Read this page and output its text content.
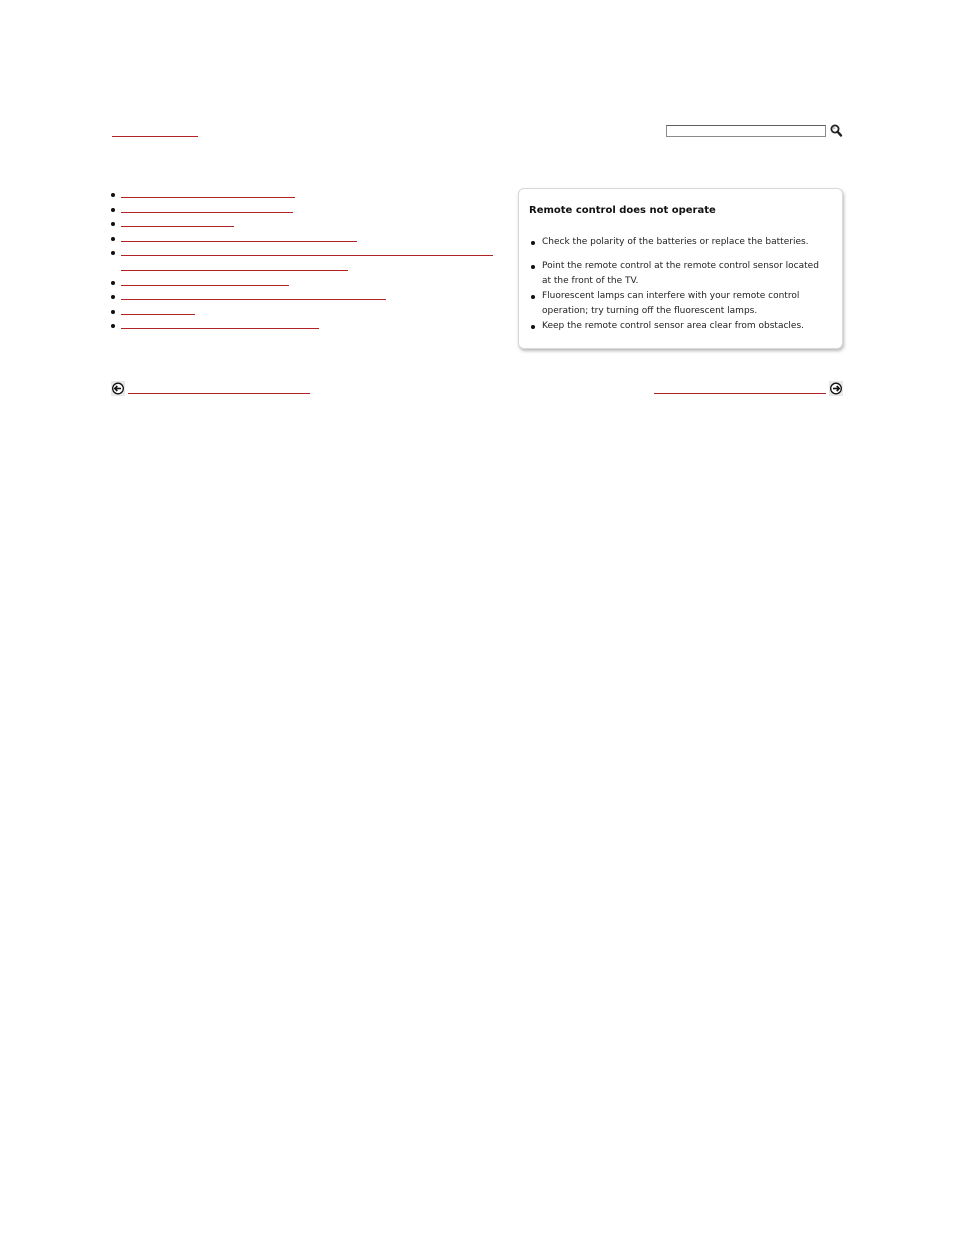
Remote control does not operate

Check the polarity of the batteries or replace the batteries.
Point the remote control at the remote control sensor located at the front of the TV.
Fluorescent lamps can interfere with your remote control operation; try turning off the fluorescent lamps.
Keep the remote control sensor area clear from obstacles.
